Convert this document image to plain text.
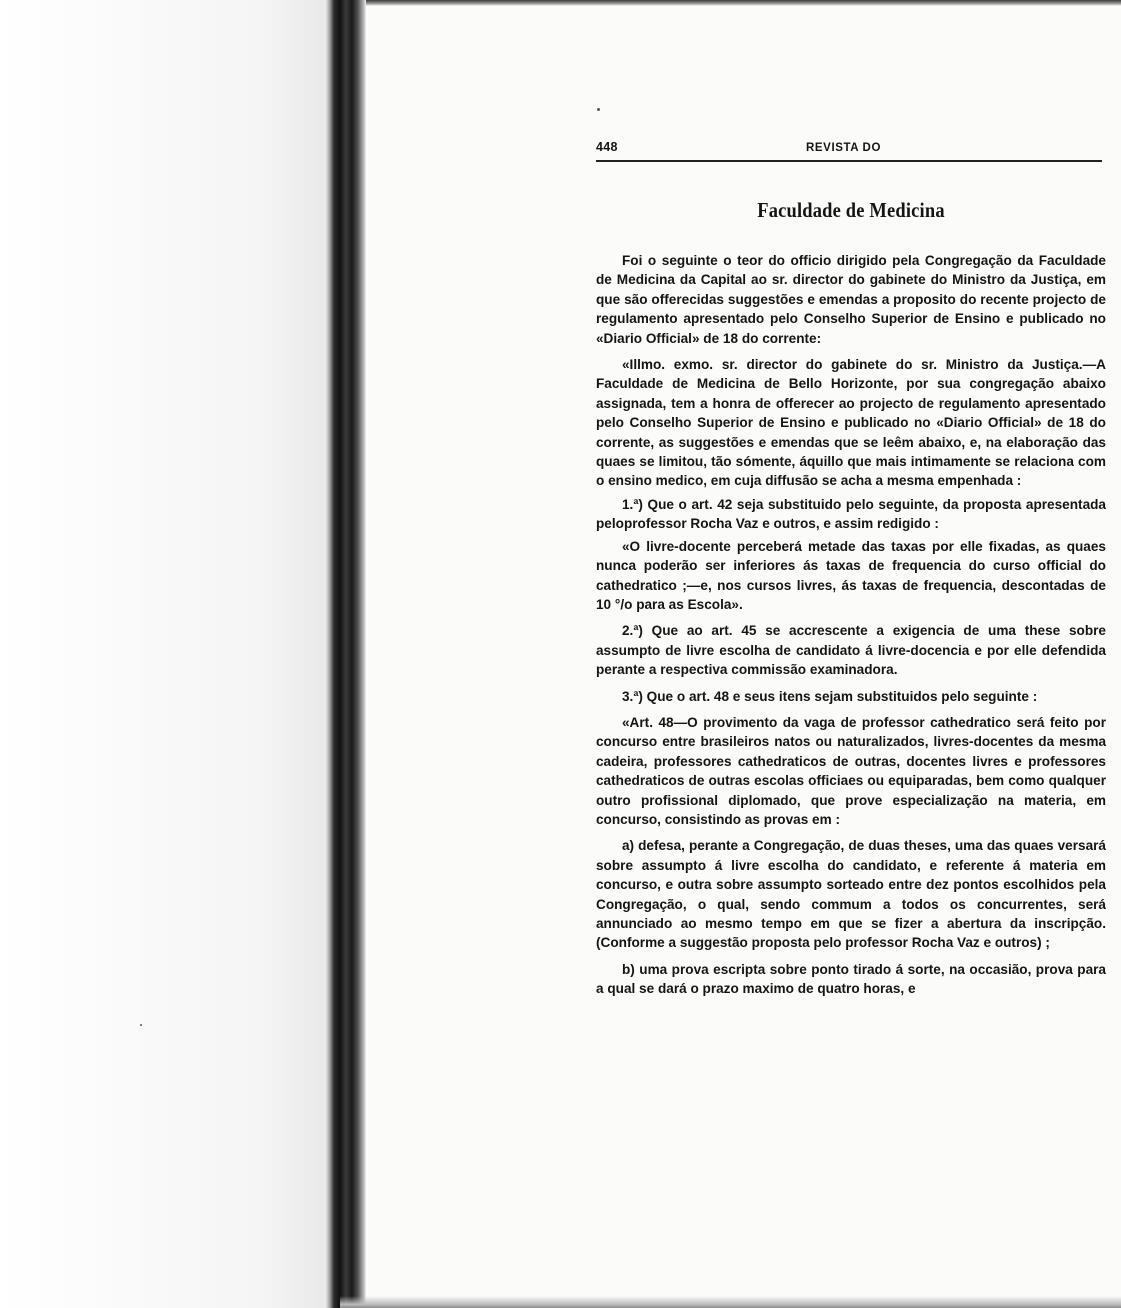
448	REVISTA DO
Faculdade de Medicina

Foi o seguinte o teor do officio dirigido pela Congregação da Faculdade de Medicina da Capital ao sr. director do gabinete do Ministro da Justiça, em que são offerecidas suggestões e emendas a proposito do recente projecto de regulamento apresentado pelo Conselho Superior de Ensino e publicado no «Diario Official» de 18 do corrente:

«Illmo. exmo. sr. director do gabinete do sr. Ministro da Justiça.—A Faculdade de Medicina de Bello Horizonte, por sua congregação abaixo assignada, tem a honra de offerecer ao projecto de regulamento apresentado pelo Conselho Superior de Ensino e publicado no «Diario Official» de 18 do corrente, as suggestões e emendas que se leêm abaixo, e, na elaboração das quaes se limitou, tão sómente, áquillo que mais intimamente se relaciona com o ensino medico, em cuja diffusão se acha a mesma empenhada :

1.ª) Que o art. 42 seja substituido pelo seguinte, da proposta apresentada peloprofessor Rocha Vaz e outros, e assim redigido :

«O livre-docente perceberá metade das taxas por elle fixadas, as quaes nunca poderão ser inferiores ás taxas de frequencia do curso official do cathedratico ;—e, nos cursos livres, ás taxas de frequencia, descontadas de 10 °/o para as Escola».

2.ª) Que ao art. 45 se accrescente a exigencia de uma these sobre assumpto de livre escolha de candidato á livre-docencia e por elle defendida perante a respectiva commissão examinadora.

3.ª) Que o art. 48 e seus itens sejam substituidos pelo seguinte :

«Art. 48—O provimento da vaga de professor cathedratico será feito por concurso entre brasileiros natos ou naturalizados, livres-docentes da mesma cadeira, professores cathedraticos de outras, docentes livres e professores cathedraticos de outras escolas officiaes ou equiparadas, bem como qualquer outro profissional diplomado, que prove especialização na materia, em concurso, consistindo as provas em :

a) defesa, perante a Congregação, de duas theses, uma das quaes versará sobre assumpto á livre escolha do candidato, e referente á materia em concurso, e outra sobre assumpto sorteado entre dez pontos escolhidos pela Congregação, o qual, sendo commum a todos os concurrentes, será annunciado ao mesmo tempo em que se fizer a abertura da inscripção. (Conforme a suggestão proposta pelo professor Rocha Vaz e outros) ;

b) uma prova escripta sobre ponto tirado á sorte, na occasião, prova para a qual se dará o prazo maximo de quatro horas, e
